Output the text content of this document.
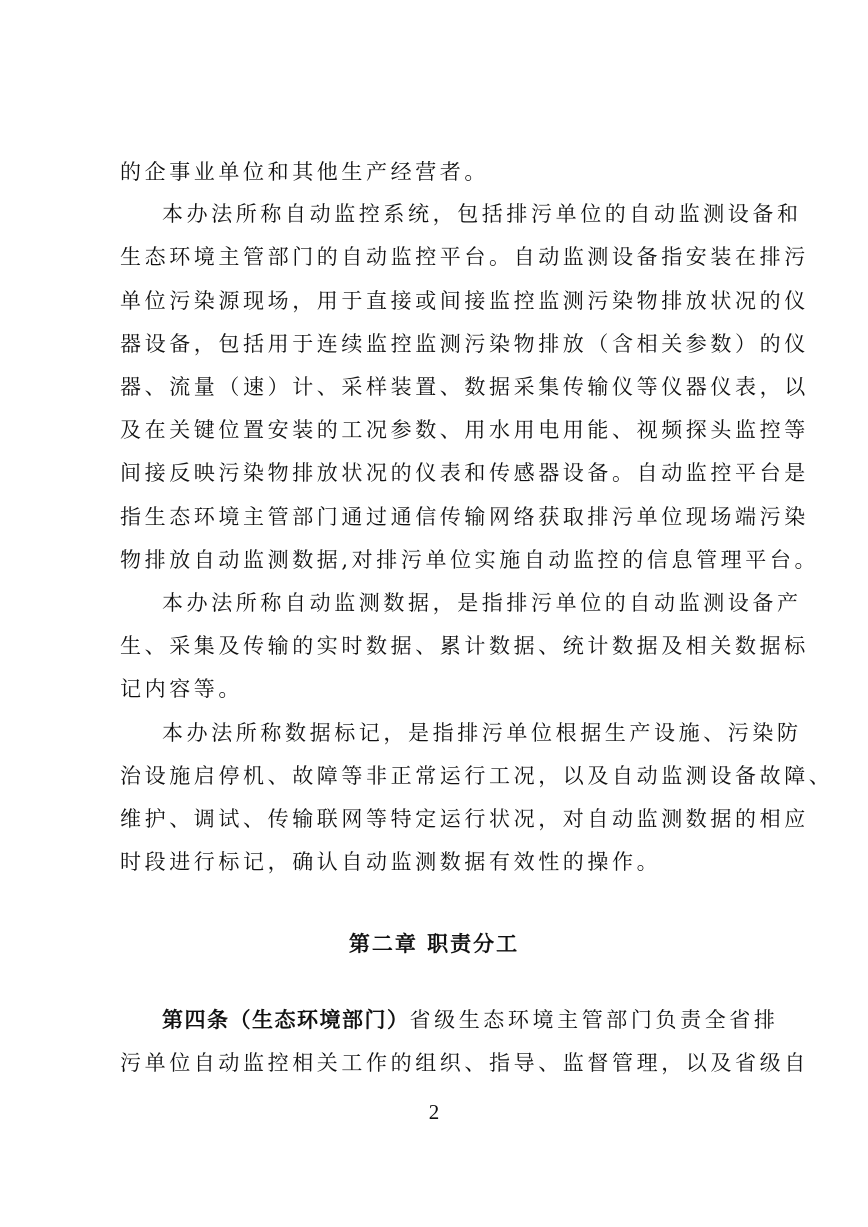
的企事业单位和其他生产经营者。
本办法所称自动监控系统，包括排污单位的自动监测设备和
生态环境主管部门的自动监控平台。自动监测设备指安装在排污
单位污染源现场，用于直接或间接监控监测污染物排放状况的仪
器设备，包括用于连续监控监测污染物排放（含相关参数）的仪
器、流量（速）计、采样装置、数据采集传输仪等仪器仪表，以
及在关键位置安装的工况参数、用水用电用能、视频探头监控等
间接反映污染物排放状况的仪表和传感器设备。自动监控平台是
指生态环境主管部门通过通信传输网络获取排污单位现场端污染
物排放自动监测数据,对排污单位实施自动监控的信息管理平台。
本办法所称自动监测数据，是指排污单位的自动监测设备产
生、采集及传输的实时数据、累计数据、统计数据及相关数据标
记内容等。
本办法所称数据标记，是指排污单位根据生产设施、污染防
治设施启停机、故障等非正常运行工况，以及自动监测设备故障、
维护、调试、传输联网等特定运行状况，对自动监测数据的相应
时段进行标记，确认自动监测数据有效性的操作。
第二章 职责分工
第四条（生态环境部门）省级生态环境主管部门负责全省排
污单位自动监控相关工作的组织、指导、监督管理，以及省级自
2
